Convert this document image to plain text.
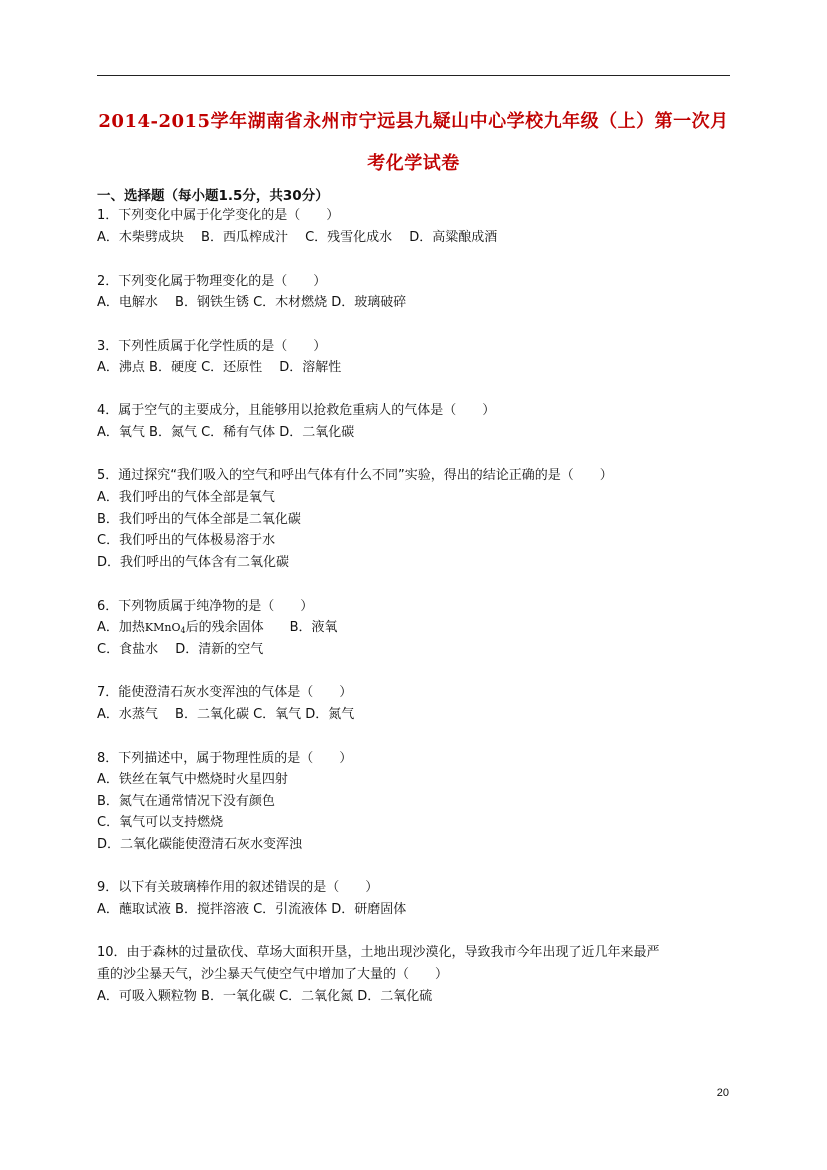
2014-2015学年湖南省永州市宁远县九疑山中心学校九年级（上）第一次月
考化学试卷
一、选择题（每小题1.5分，共30分）
1．下列变化中属于化学变化的是（　　）
A．木柴劈成块　 B．西瓜榨成汁　 C．残雪化成水　 D．高粱酿成酒
2．下列变化属于物理变化的是（　　）
A．电解水　 B．钢铁生锈 C．木材燃烧 D．玻璃破碎
3．下列性质属于化学性质的是（　　）
A．沸点 B．硬度 C．还原性　 D．溶解性
4．属于空气的主要成分，且能够用以抢救危重病人的气体是（　　）
A．氧气 B．氮气 C．稀有气体 D．二氧化碳
5．通过探究“我们吸入的空气和呼出气体有什么不同”实验，得出的结论正确的是（　　）
A．我们呼出的气体全部是氧气
B．我们呼出的气体全部是二氧化碳
C．我们呼出的气体极易溶于水
D．我们呼出的气体含有二氧化碳
6．下列物质属于纯净物的是（　　）
A．加热KMnO$_4$后的残余固体　　B．液氧
C．食盐水　 D．清新的空气
7．能使澄清石灰水变浑浊的气体是（　　）
A．水蒸气　 B．二氧化碳 C．氧气 D．氮气
8．下列描述中，属于物理性质的是（　　）
A．铁丝在氧气中燃烧时火星四射
B．氮气在通常情况下没有颜色
C．氧气可以支持燃烧
D．二氧化碳能使澄清石灰水变浑浊
9．以下有关玻璃棒作用的叙述错误的是（　　）
A．蘸取试液 B．搅拌溶液 C．引流液体 D．研磨固体
10．由于森林的过量砍伐、草场大面积开垦，土地出现沙漠化，导致我市今年出现了近几年来最严
重的沙尘暴天气，沙尘暴天气使空气中增加了大量的（　　）
A．可吸入颗粒物 B．一氧化碳 C．二氧化氮 D．二氧化硫
20
